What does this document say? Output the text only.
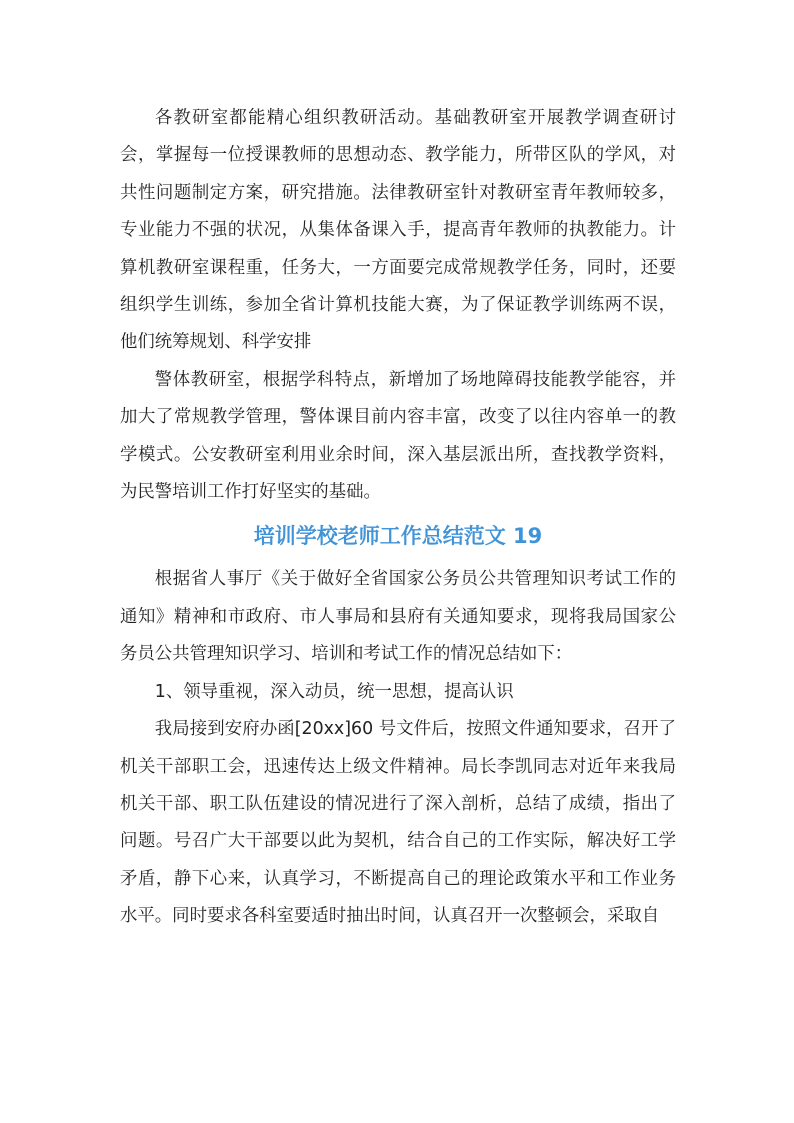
各教研室都能精心组织教研活动。基础教研室开展教学调查研讨会，掌握每一位授课教师的思想动态、教学能力，所带区队的学风，对共性问题制定方案，研究措施。法律教研室针对教研室青年教师较多，专业能力不强的状况，从集体备课入手，提高青年教师的执教能力。计算机教研室课程重，任务大，一方面要完成常规教学任务，同时，还要组织学生训练，参加全省计算机技能大赛，为了保证教学训练两不误，他们统筹规划、科学安排

警体教研室，根据学科特点，新增加了场地障碍技能教学能容，并加大了常规教学管理，警体课目前内容丰富，改变了以往内容单一的教学模式。公安教研室利用业余时间，深入基层派出所，查找教学资料，为民警培训工作打好坚实的基础。

培训学校老师工作总结范文 19

根据省人事厅《关于做好全省国家公务员公共管理知识考试工作的通知》精神和市政府、市人事局和县府有关通知要求，现将我局国家公务员公共管理知识学习、培训和考试工作的情况总结如下：

1、领导重视，深入动员，统一思想，提高认识

我局接到安府办函[20xx]60 号文件后，按照文件通知要求，召开了机关干部职工会，迅速传达上级文件精神。局长李凯同志对近年来我局机关干部、职工队伍建设的情况进行了深入剖析，总结了成绩，指出了问题。号召广大干部要以此为契机，结合自己的工作实际，解决好工学矛盾，静下心来，认真学习，不断提高自己的理论政策水平和工作业务水平。同时要求各科室要适时抽出时间，认真召开一次整顿会，采取自
